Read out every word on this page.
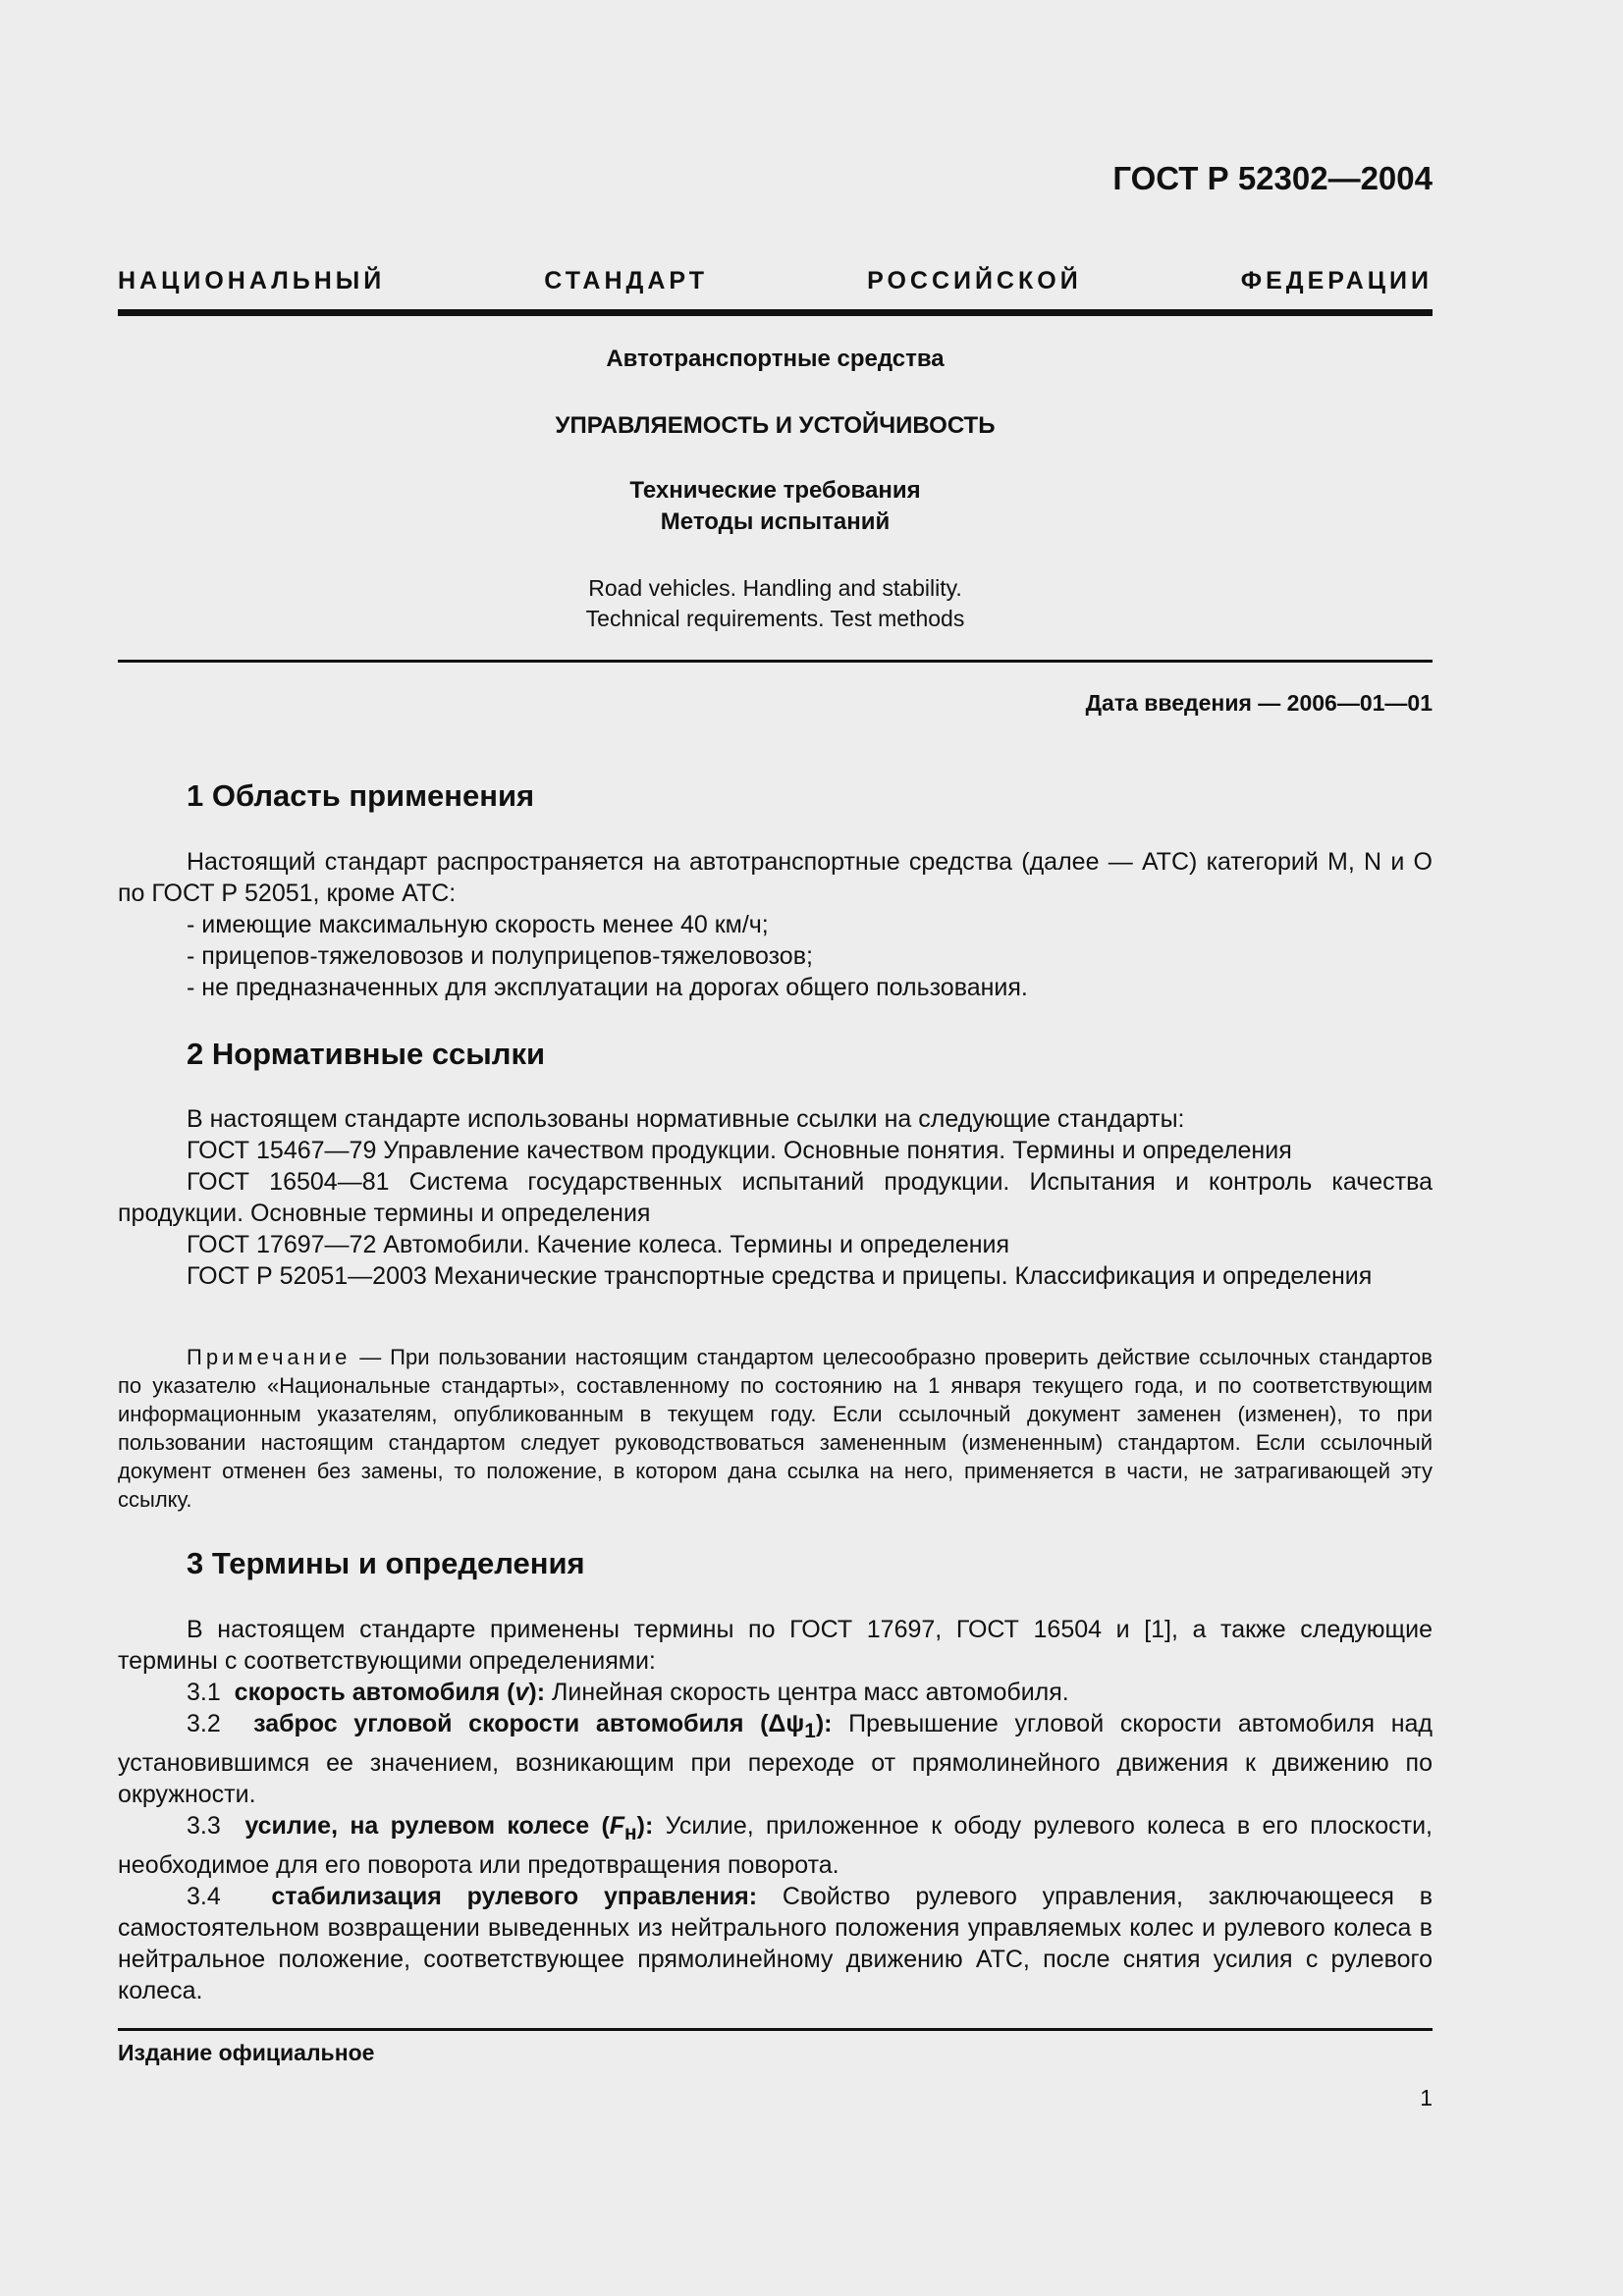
ГОСТ Р 52302—2004
НАЦИОНАЛЬНЫЙ	СТАНДАРТ	РОССИЙСКОЙ	ФЕДЕРАЦИИ
Автотранспортные средства
УПРАВЛЯЕМОСТЬ И УСТОЙЧИВОСТЬ
Технические требования
Методы испытаний
Road vehicles. Handling and stability.
Technical requirements. Test methods
Дата введения — 2006—01—01
1 Область применения

Настоящий стандарт распространяется на автотранспортные средства (далее — АТС) категорий M, N и O по ГОСТ Р 52051, кроме АТС:

- имеющие максимальную скорость менее 40 км/ч;

- прицепов-тяжеловозов и полуприцепов-тяжеловозов;

- не предназначенных для эксплуатации на дорогах общего пользования.

2 Нормативные ссылки

В настоящем стандарте использованы нормативные ссылки на следующие стандарты:

ГОСТ 15467—79 Управление качеством продукции. Основные понятия. Термины и определения

ГОСТ 16504—81 Система государственных испытаний продукции. Испытания и контроль качества продукции. Основные термины и определения

ГОСТ 17697—72 Автомобили. Качение колеса. Термины и определения

ГОСТ Р 52051—2003 Механические транспортные средства и прицепы. Классификация и определения

Примечание — При пользовании настоящим стандартом целесообразно проверить действие ссылочных стандартов по указателю «Национальные стандарты», составленному по состоянию на 1 января текущего года, и по соответствующим информационным указателям, опубликованным в текущем году. Если ссылочный документ заменен (изменен), то при пользовании настоящим стандартом следует руководствоваться замененным (измененным) стандартом. Если ссылочный документ отменен без замены, то положение, в котором дана ссылка на него, применяется в части, не затрагивающей эту ссылку.

3 Термины и определения

В настоящем стандарте применены термины по ГОСТ 17697, ГОСТ 16504 и [1], а также следующие термины с соответствующими определениями:

3.1 скорость автомобиля (v): Линейная скорость центра масс автомобиля.

3.2 заброс угловой скорости автомобиля $(\Delta\psi_1)$: Превышение угловой скорости автомобиля над установившимся ее значением, возникающим при переходе от прямолинейного движения к движению по окружности.

3.3 усилие, на рулевом колесе $(F_н)$: Усилие, приложенное к ободу рулевого колеса в его плоскости, необходимое для его поворота или предотвращения поворота.

3.4 стабилизация рулевого управления: Свойство рулевого управления, заключающееся в самостоятельном возвращении выведенных из нейтрального положения управляемых колес и рулевого колеса в нейтральное положение, соответствующее прямолинейному движению АТС, после снятия усилия с рулевого колеса.

Издание официальное
1
